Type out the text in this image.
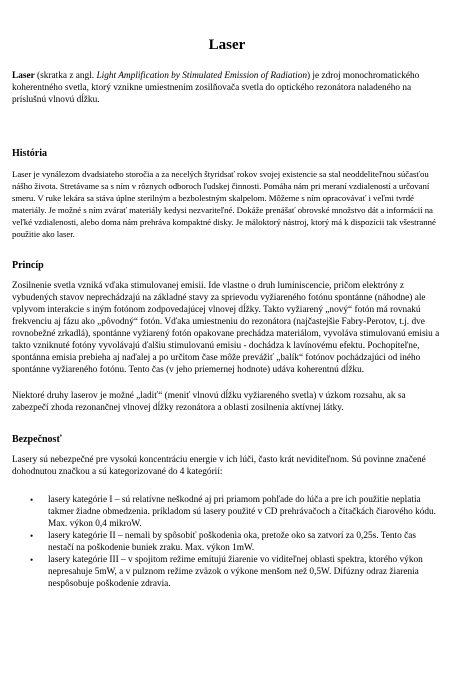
Laser

Laser (skratka z angl. Light Amplification by Stimulated Emission of Radiation) je zdroj monochromatického koherentného svetla, ktorý vznikne umiestnením zosilňovača svetla do optického rezonátora naladeného na príslušnú vlnovú dĺžku.

História

Laser je vynálezom dvadsiateho storočia a za necelých štyridsať rokov svojej existencie sa stal neoddeliteľnou súčasťou nášho života. Stretávame sa s ním v rôznych odboroch ľudskej činnosti. Pomáha nám pri meraní vzdialeností a určovaní smeru. V ruke lekára sa stáva úplne sterilným a bezbolestným skalpelom. Môžeme s ním opracovávať i veľmi tvrdé materiály. Je možné s ním zvárať materiály kedysi nezvariteľné. Dokáže prenášať obrovské množstvo dát a informácií na veľké vzdialenosti, alebo doma nám prehráva kompaktné disky. Je máloktorý nástroj, ktorý má k dispozícii tak všestranné použitie ako laser.

Princíp

Zosilnenie svetla vzniká vďaka stimulovanej emisii. Ide vlastne o druh luminiscencie, pričom elektróny z vybudených stavov neprechádzajú na základné stavy za sprievodu vyžiareného fotónu spontánne (náhodne) ale vplyvom interakcie s iným fotónom zodpovedajúcej vlnovej dĺžky. Takto vyžiarený „nový“ fotón má rovnakú frekvenciu aj fázu ako „pôvodný“ fotón. Vďaka umiestneniu do rezonátora (najčastejšie Fabry-Perotov, t.j. dve rovnobežné zrkadlá), spontánne vyžiarený fotón opakovane prechádza materiálom, vyvoláva stimulovanú emisiu a takto vzniknuté fotóny vyvolávajú ďalšiu stimulovanú emisiu - dochádza k lavínovému efektu. Pochopiteľne, spontánna emisia prebieha aj naďalej a po určitom čase môže prevážiť „balík“ fotónov pochádzajúci od iného spontánne vyžiareného fotónu. Tento čas (v jeho priemernej hodnote) udáva koherentnú dĺžku.

Niektoré druhy laserov je možné „ladiť“ (meniť vlnovú dĺžku vyžiareného svetla) v úzkom rozsahu, ak sa zabezpečí zhoda rezonančnej vlnovej dĺžky rezonátora a oblasti zosilnenia aktívnej látky.

Bezpečnosť

Lasery sú nebezpečné pre vysokú koncentráciu energie v ich lúči, často krát neviditeľnom. Sú povinne značené dohodnutou značkou a sú kategorizované do 4 kategórií:

• lasery kategórie I – sú relatívne neškodné aj pri priamom pohľade do lúča a pre ich použitie neplatia takmer žiadne obmedzenia. príkladom sú lasery použité v CD prehrávačoch a čítačkách čiarového kódu. Max. výkon 0,4 mikroW.
• lasery kategórie II – nemali by spôsobiť poškodenia oka, pretože oko sa zatvorí za 0,25s. Tento čas nestačí na poškodenie buniek zraku. Max. výkon 1mW.
• lasery kategórie III – v spojitom režime emitujú žiarenie vo viditeľnej oblasti spektra, ktorého výkon nepresahuje 5mW, a v pulznom režime zväzok o výkone menšom než 0,5W. Difúzny odraz žiarenia nespôsobuje poškodenie zdravia.
